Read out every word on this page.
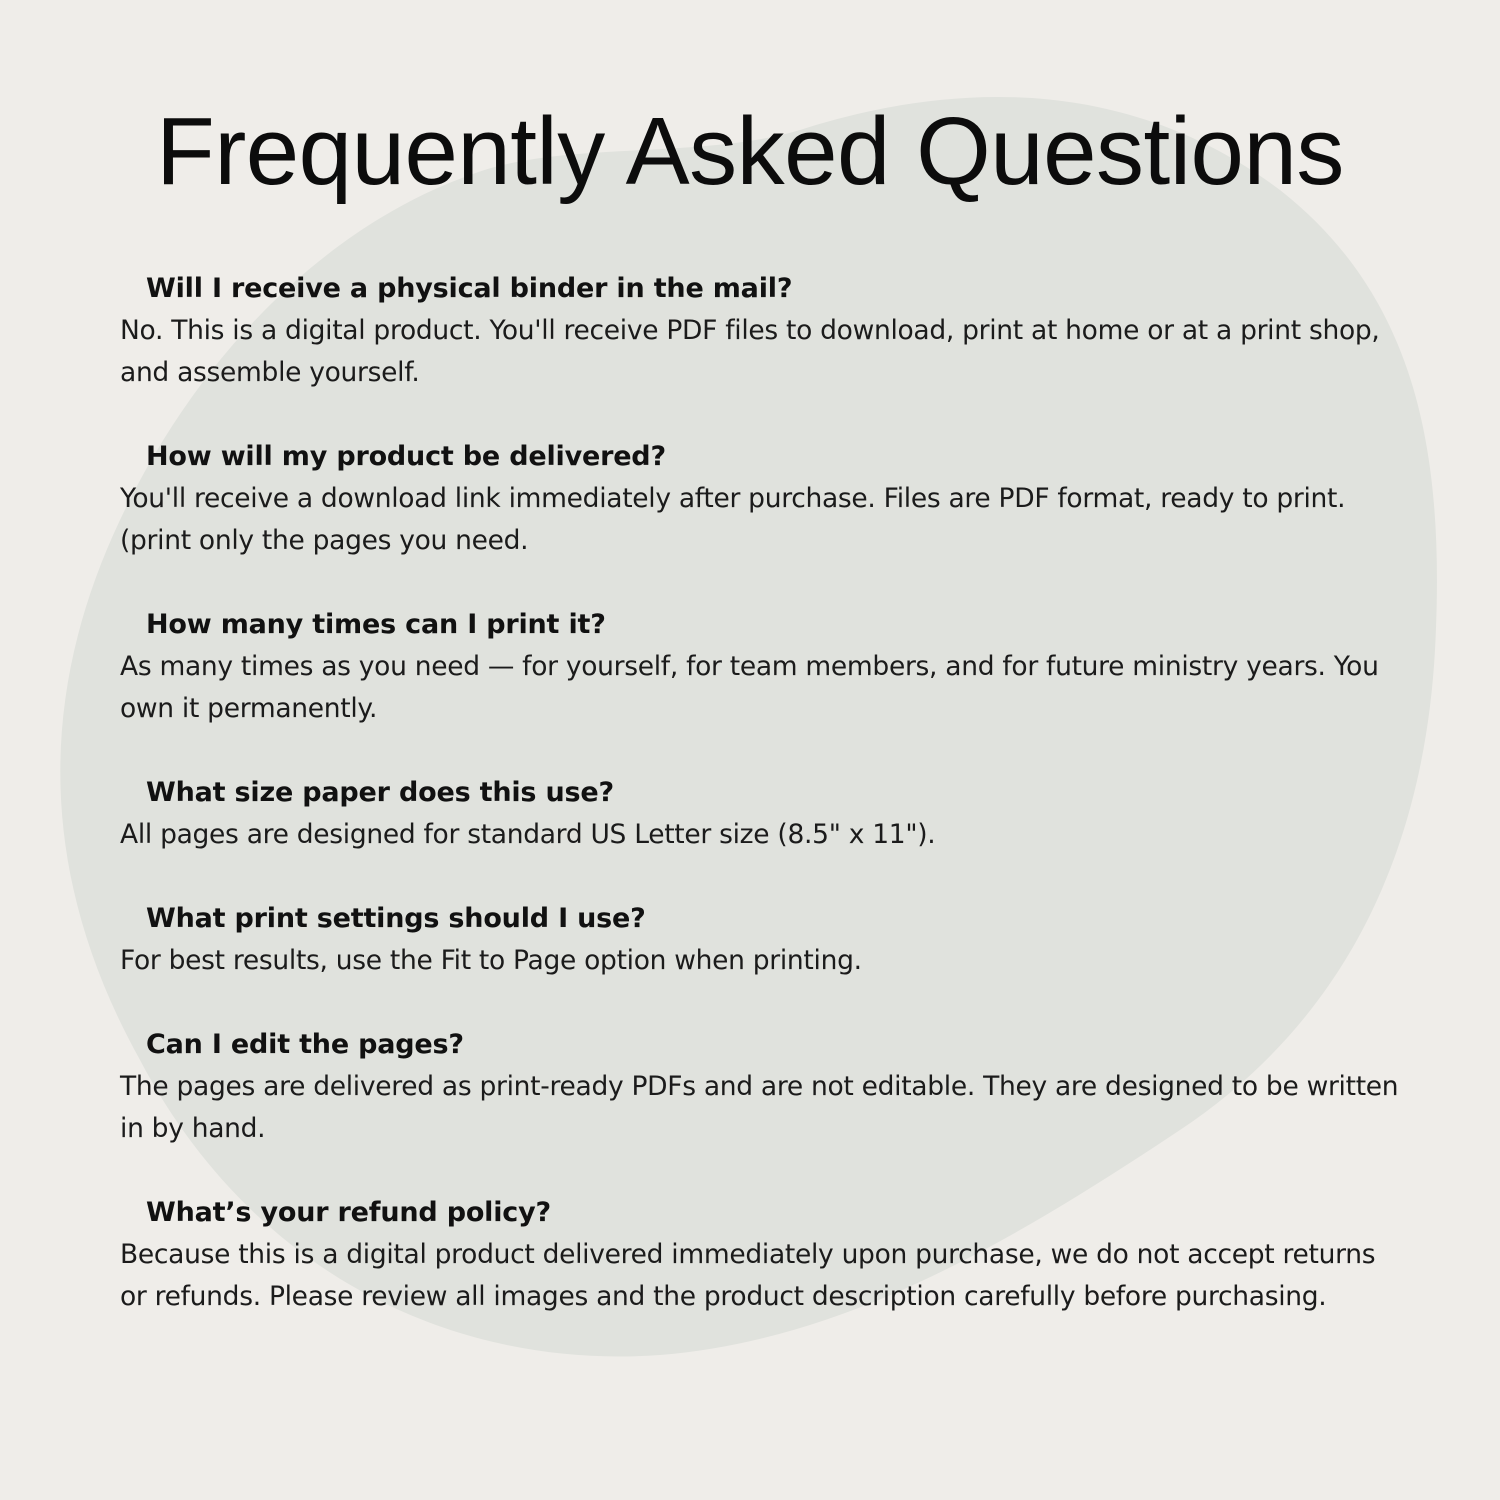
Frequently Asked Questions

Will I receive a physical binder in the mail?

No. This is a digital product. You'll receive PDF files to download, print at home or at a print shop, and assemble yourself.

How will my product be delivered?

You'll receive a download link immediately after purchase. Files are PDF format, ready to print. (print only the pages you need.

How many times can I print it?

As many times as you need — for yourself, for team members, and for future ministry years. You own it permanently.

What size paper does this use?

All pages are designed for standard US Letter size (8.5" x 11").

What print settings should I use?

For best results, use the Fit to Page option when printing.

Can I edit the pages?

The pages are delivered as print-ready PDFs and are not editable. They are designed to be written in by hand.

What’s your refund policy?

Because this is a digital product delivered immediately upon purchase, we do not accept returns or refunds. Please review all images and the product description carefully before purchasing.
